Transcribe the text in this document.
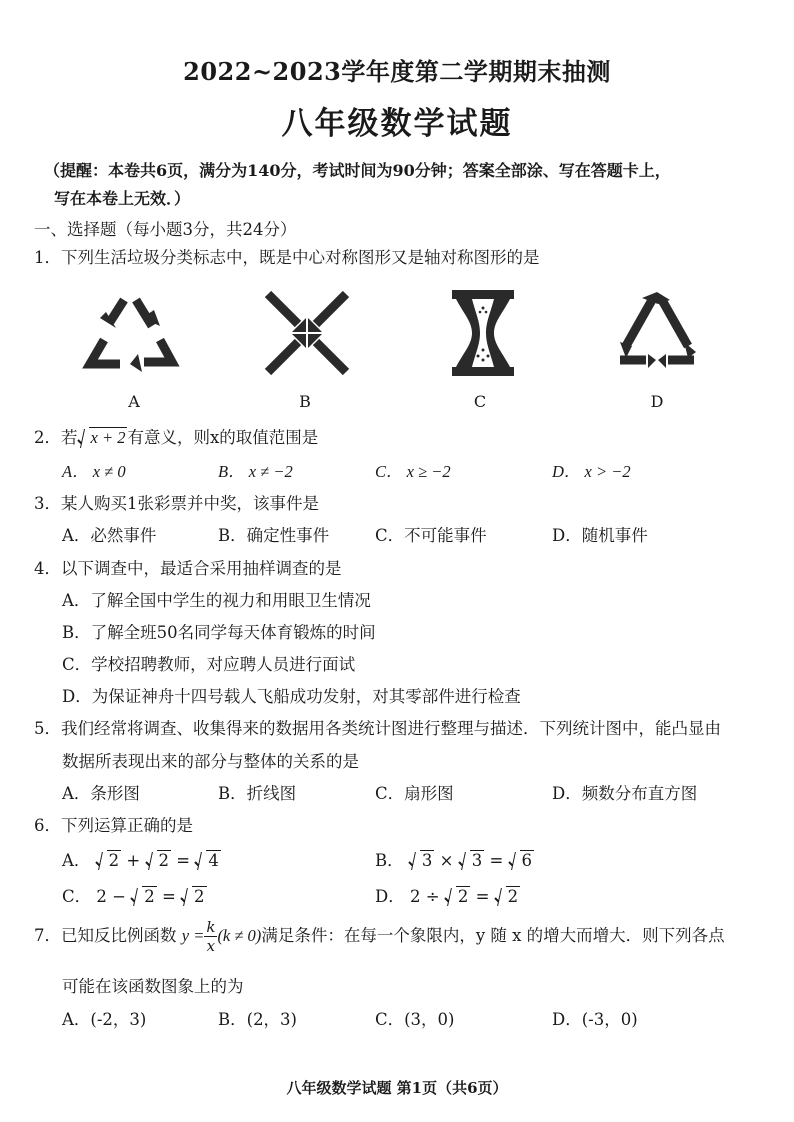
2022~2023学年度第二学期期末抽测
八年级数学试题
（提醒：本卷共6页，满分为140分，考试时间为90分钟；答案全部涂、写在答题卡上，
写在本卷上无效．）
一、选择题（每小题3分，共24分）
1．下列生活垃圾分类标志中，既是中心对称图形又是轴对称图形的是
A	B	C	D
2．若 x + 2 有意义，则x的取值范围是
A． x ≠ 0	B． x ≠ −2	C． x ≥ −2	D． x > −2
3．某人购买1张彩票并中奖，该事件是
A．必然事件	B．确定性事件	C．不可能事件	D．随机事件
4．以下调查中，最适合采用抽样调查的是
A．了解全国中学生的视力和用眼卫生情况
B．了解全班50名同学每天体育锻炼的时间
C．学校招聘教师，对应聘人员进行面试
D．为保证神舟十四号载人飞船成功发射，对其零部件进行检查
5．我们经常将调查、收集得来的数据用各类统计图进行整理与描述．下列统计图中，能凸显由
数据所表现出来的部分与整体的关系的是
A．条形图	B．折线图	C．扇形图	D．频数分布直方图
6．下列运算正确的是
A． 2 + 2 = 4	B． 3 × 3 = 6
C． 2 − 2 = 2	D． 2 ÷ 2 = 2
7．已知反比例函数 $y = \frac{k}{x} (k \ne 0)$满足条件：在每一个象限内，y 随 x 的增大而增大．则下列各点
可能在该函数图象上的为
A．(-2，3)	B．(2，3)	C．(3，0)	D．(-3，0)
八年级数学试题 第1页（共6页）
